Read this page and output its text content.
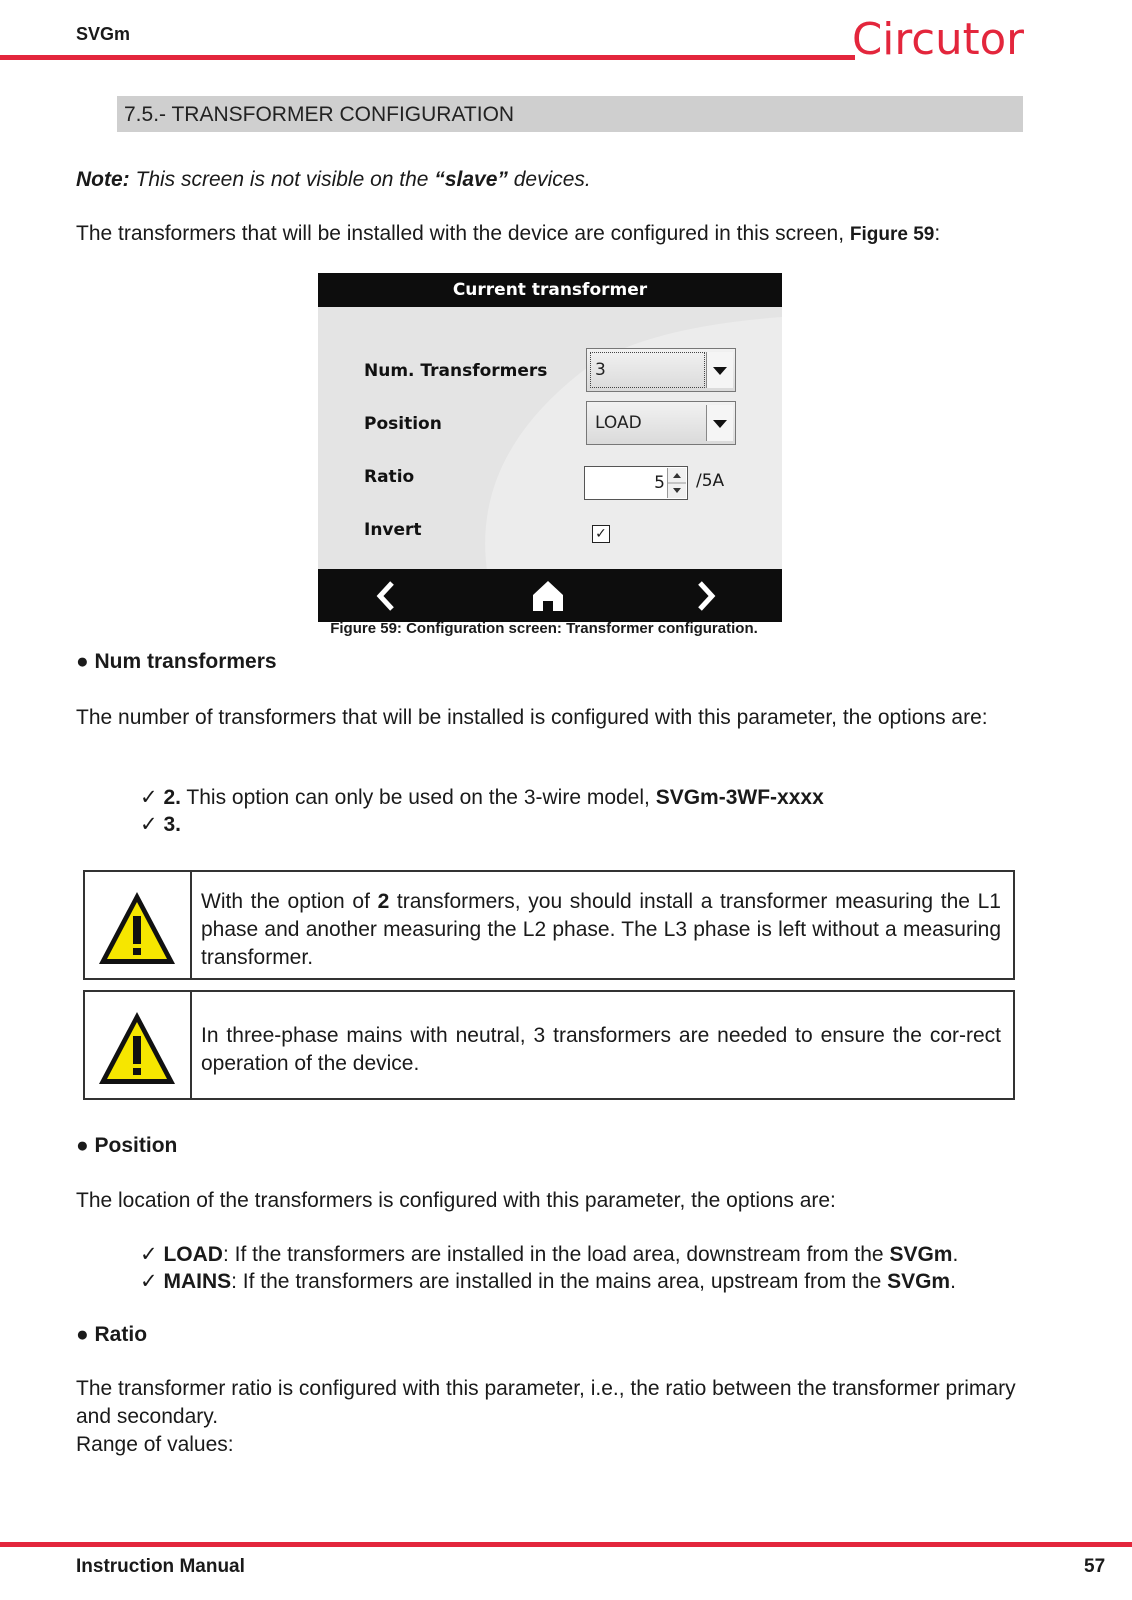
SVGm	Circutor
7.5.- TRANSFORMER CONFIGURATION
Note: This screen is not visible on the “slave” devices.
The transformers that will be installed with the device are configured in this screen, Figure 59:
Current transformer
Num. Transformers	3
Position	LOAD
Ratio	5 /5A
Invert	✓
Figure 59: Configuration screen: Transformer configuration.
● Num transformers
The number of transformers that will be installed is configured with this parameter, the options are:
✓ 2. This option can only be used on the 3-wire model, SVGm-3WF-xxxx
✓ 3.
With the option of 2 transformers, you should install a transformer measuring the L1 phase and another measuring the L2 phase. The L3 phase is left without a measuring transformer.
In three-phase mains with neutral, 3 transformers are needed to ensure the cor-rect operation of the device.
● Position
The location of the transformers is configured with this parameter, the options are:
✓ LOAD: If the transformers are installed in the load area, downstream from the SVGm.
✓ MAINS: If the transformers are installed in the mains area, upstream from the SVGm.
● Ratio
The transformer ratio is configured with this parameter, i.e., the ratio between the transformer primary and secondary.
Range of values:
Instruction Manual	57
